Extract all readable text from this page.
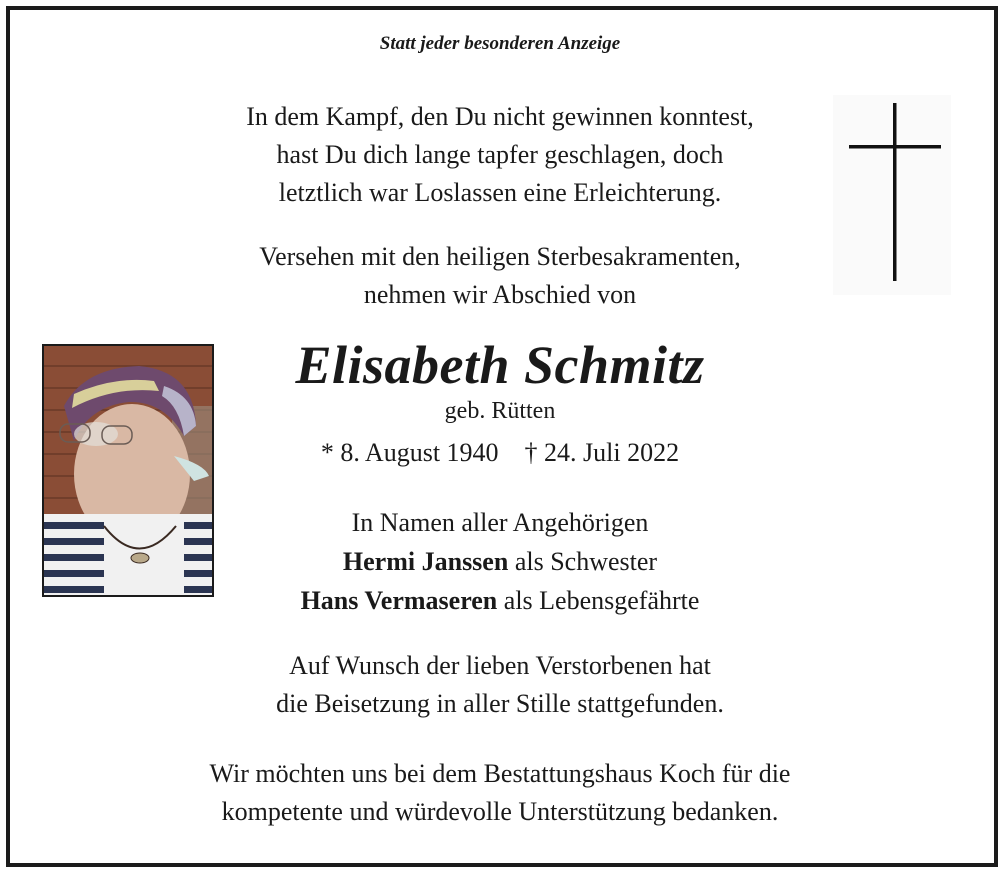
Statt jeder besonderen Anzeige
In dem Kampf, den Du nicht gewinnen konntest,
hast Du dich lange tapfer geschlagen, doch
letztlich war Loslassen eine Erleichterung.
Versehen mit den heiligen Sterbesakramenten,
nehmen wir Abschied von
Elisabeth Schmitz
geb. Rütten
* 8. August 1940 † 24. Juli 2022
In Namen aller Angehörigen
Hermi Janssen als Schwester
Hans Vermaseren als Lebensgefährte
Auf Wunsch der lieben Verstorbenen hat
die Beisetzung in aller Stille stattgefunden.
Wir möchten uns bei dem Bestattungshaus Koch für die
kompetente und würdevolle Unterstützung bedanken.
